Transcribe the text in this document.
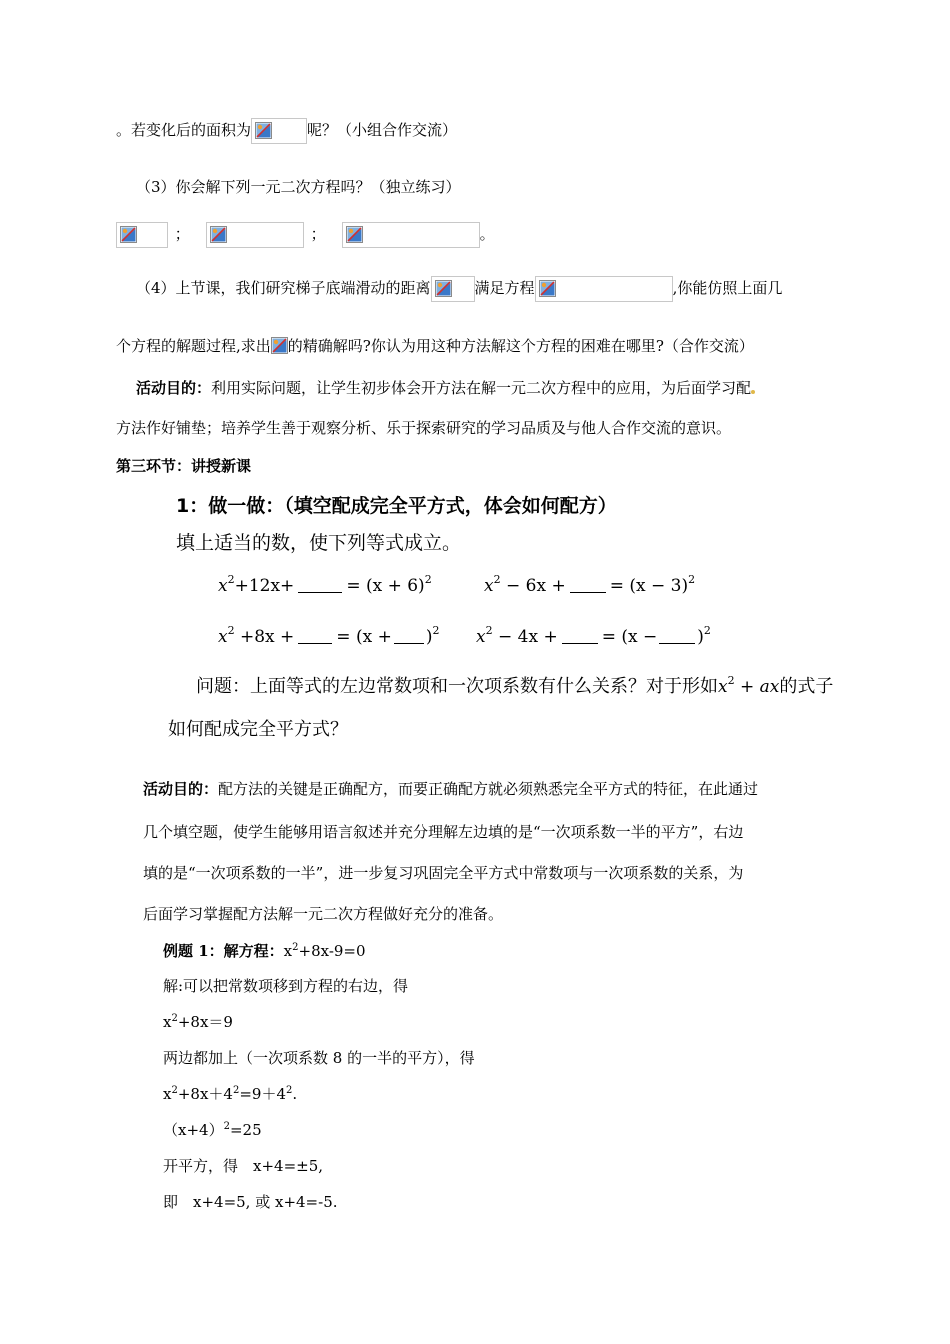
。若变化后的面积为	呢？（小组合作交流）
（3）你会解下列一元二次方程吗？（独立练习）
；	；	。
（4）上节课，我们研究梯子底端滑动的距离	满足方程	,你能仿照上面几
个方程的解题过程,求出 的精确解吗?你认为用这种方法解这个方程的困难在哪里?（合作交流）
活动目的：利用实际问题，让学生初步体会开方法在解一元二次方程中的应用，为后面学习配
方法作好铺垫；培养学生善于观察分析、乐于探索研究的学习品质及与他人合作交流的意识。
第三环节：讲授新课
1：做一做：（填空配成完全平方式，体会如何配方）
填上适当的数，使下列等式成立。
$x^2+12x+$	= $(x + 6)^2$	$x^2 - 6x$ +	= $(x - 3)^2$
$x^2 +8x$ + = $(x + )^2$ $x^2 - 4x$ +	= $(x - )^2$
问题：上面等式的左边常数项和一次项系数有什么关系？对于形如$x^2$ + ax的式子
如何配成完全平方式？
活动目的：配方法的关键是正确配方，而要正确配方就必须熟悉完全平方式的特征，在此通过
几个填空题，使学生能够用语言叙述并充分理解左边填的是“一次项系数一半的平方”，右边
填的是“一次项系数的一半”，进一步复习巩固完全平方式中常数项与一次项系数的关系，为
后面学习掌握配方法解一元二次方程做好充分的准备。
例题 1：解方程：$x^2+8x-9=0$
解:可以把常数项移到方程的右边，得
$x^2+8x=9$
两边都加上（一次项系数 8 的一半的平方），得
$x^2+8x+4^2=9+4^2$.
$(x+4)^2=25$
开平方，得　x+4=±5,
即　x+4=5, 或 x+4=-5.
